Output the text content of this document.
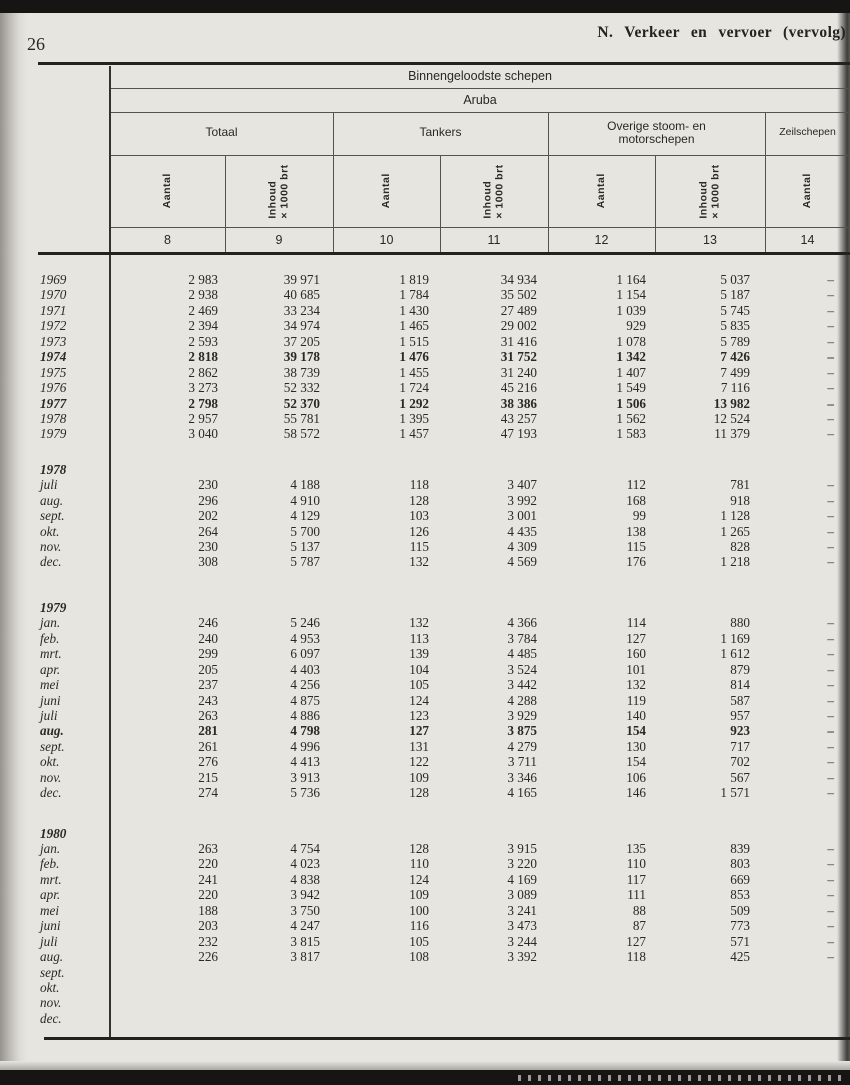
26
N. Verkeer en vervoer (vervolg)
Binnengeloodste schepen
Aruba
Totaal	Tankers	Overige stoom- en motorschepen	Zeilschepen
Aantal	Inhoud × 1000 brt	Aantal	Inhoud × 1000 brt	Aantal	Inhoud × 1000 brt	Aantal
8	9	10	11	12	13	14
1969	2 983	39 971	1 819	34 934	1 164	5 037	–
1970	2 938	40 685	1 784	35 502	1 154	5 187	–
1971	2 469	33 234	1 430	27 489	1 039	5 745	–
1972	2 394	34 974	1 465	29 002	929	5 835	–
1973	2 593	37 205	1 515	31 416	1 078	5 789	–
1974	2 818	39 178	1 476	31 752	1 342	7 426	–
1975	2 862	38 739	1 455	31 240	1 407	7 499	–
1976	3 273	52 332	1 724	45 216	1 549	7 116	–
1977	2 798	52 370	1 292	38 386	1 506	13 982	–
1978	2 957	55 781	1 395	43 257	1 562	12 524	–
1979	3 040	58 572	1 457	47 193	1 583	11 379	–
1978
juli	230	4 188	118	3 407	112	781	–
aug.	296	4 910	128	3 992	168	918	–
sept.	202	4 129	103	3 001	99	1 128	–
okt.	264	5 700	126	4 435	138	1 265	–
nov.	230	5 137	115	4 309	115	828	–
dec.	308	5 787	132	4 569	176	1 218	–
1979
jan.	246	5 246	132	4 366	114	880	–
feb.	240	4 953	113	3 784	127	1 169	–
mrt.	299	6 097	139	4 485	160	1 612	–
apr.	205	4 403	104	3 524	101	879	–
mei	237	4 256	105	3 442	132	814	–
juni	243	4 875	124	4 288	119	587	–
juli	263	4 886	123	3 929	140	957	–
aug.	281	4 798	127	3 875	154	923	–
sept.	261	4 996	131	4 279	130	717	–
okt.	276	4 413	122	3 711	154	702	–
nov.	215	3 913	109	3 346	106	567	–
dec.	274	5 736	128	4 165	146	1 571	–
1980
jan.	263	4 754	128	3 915	135	839	–
feb.	220	4 023	110	3 220	110	803	–
mrt.	241	4 838	124	4 169	117	669	–
apr.	220	3 942	109	3 089	111	853	–
mei	188	3 750	100	3 241	88	509	–
juni	203	4 247	116	3 473	87	773	–
juli	232	3 815	105	3 244	127	571	–
aug.	226	3 817	108	3 392	118	425	–
sept.
okt.
nov.
dec.
